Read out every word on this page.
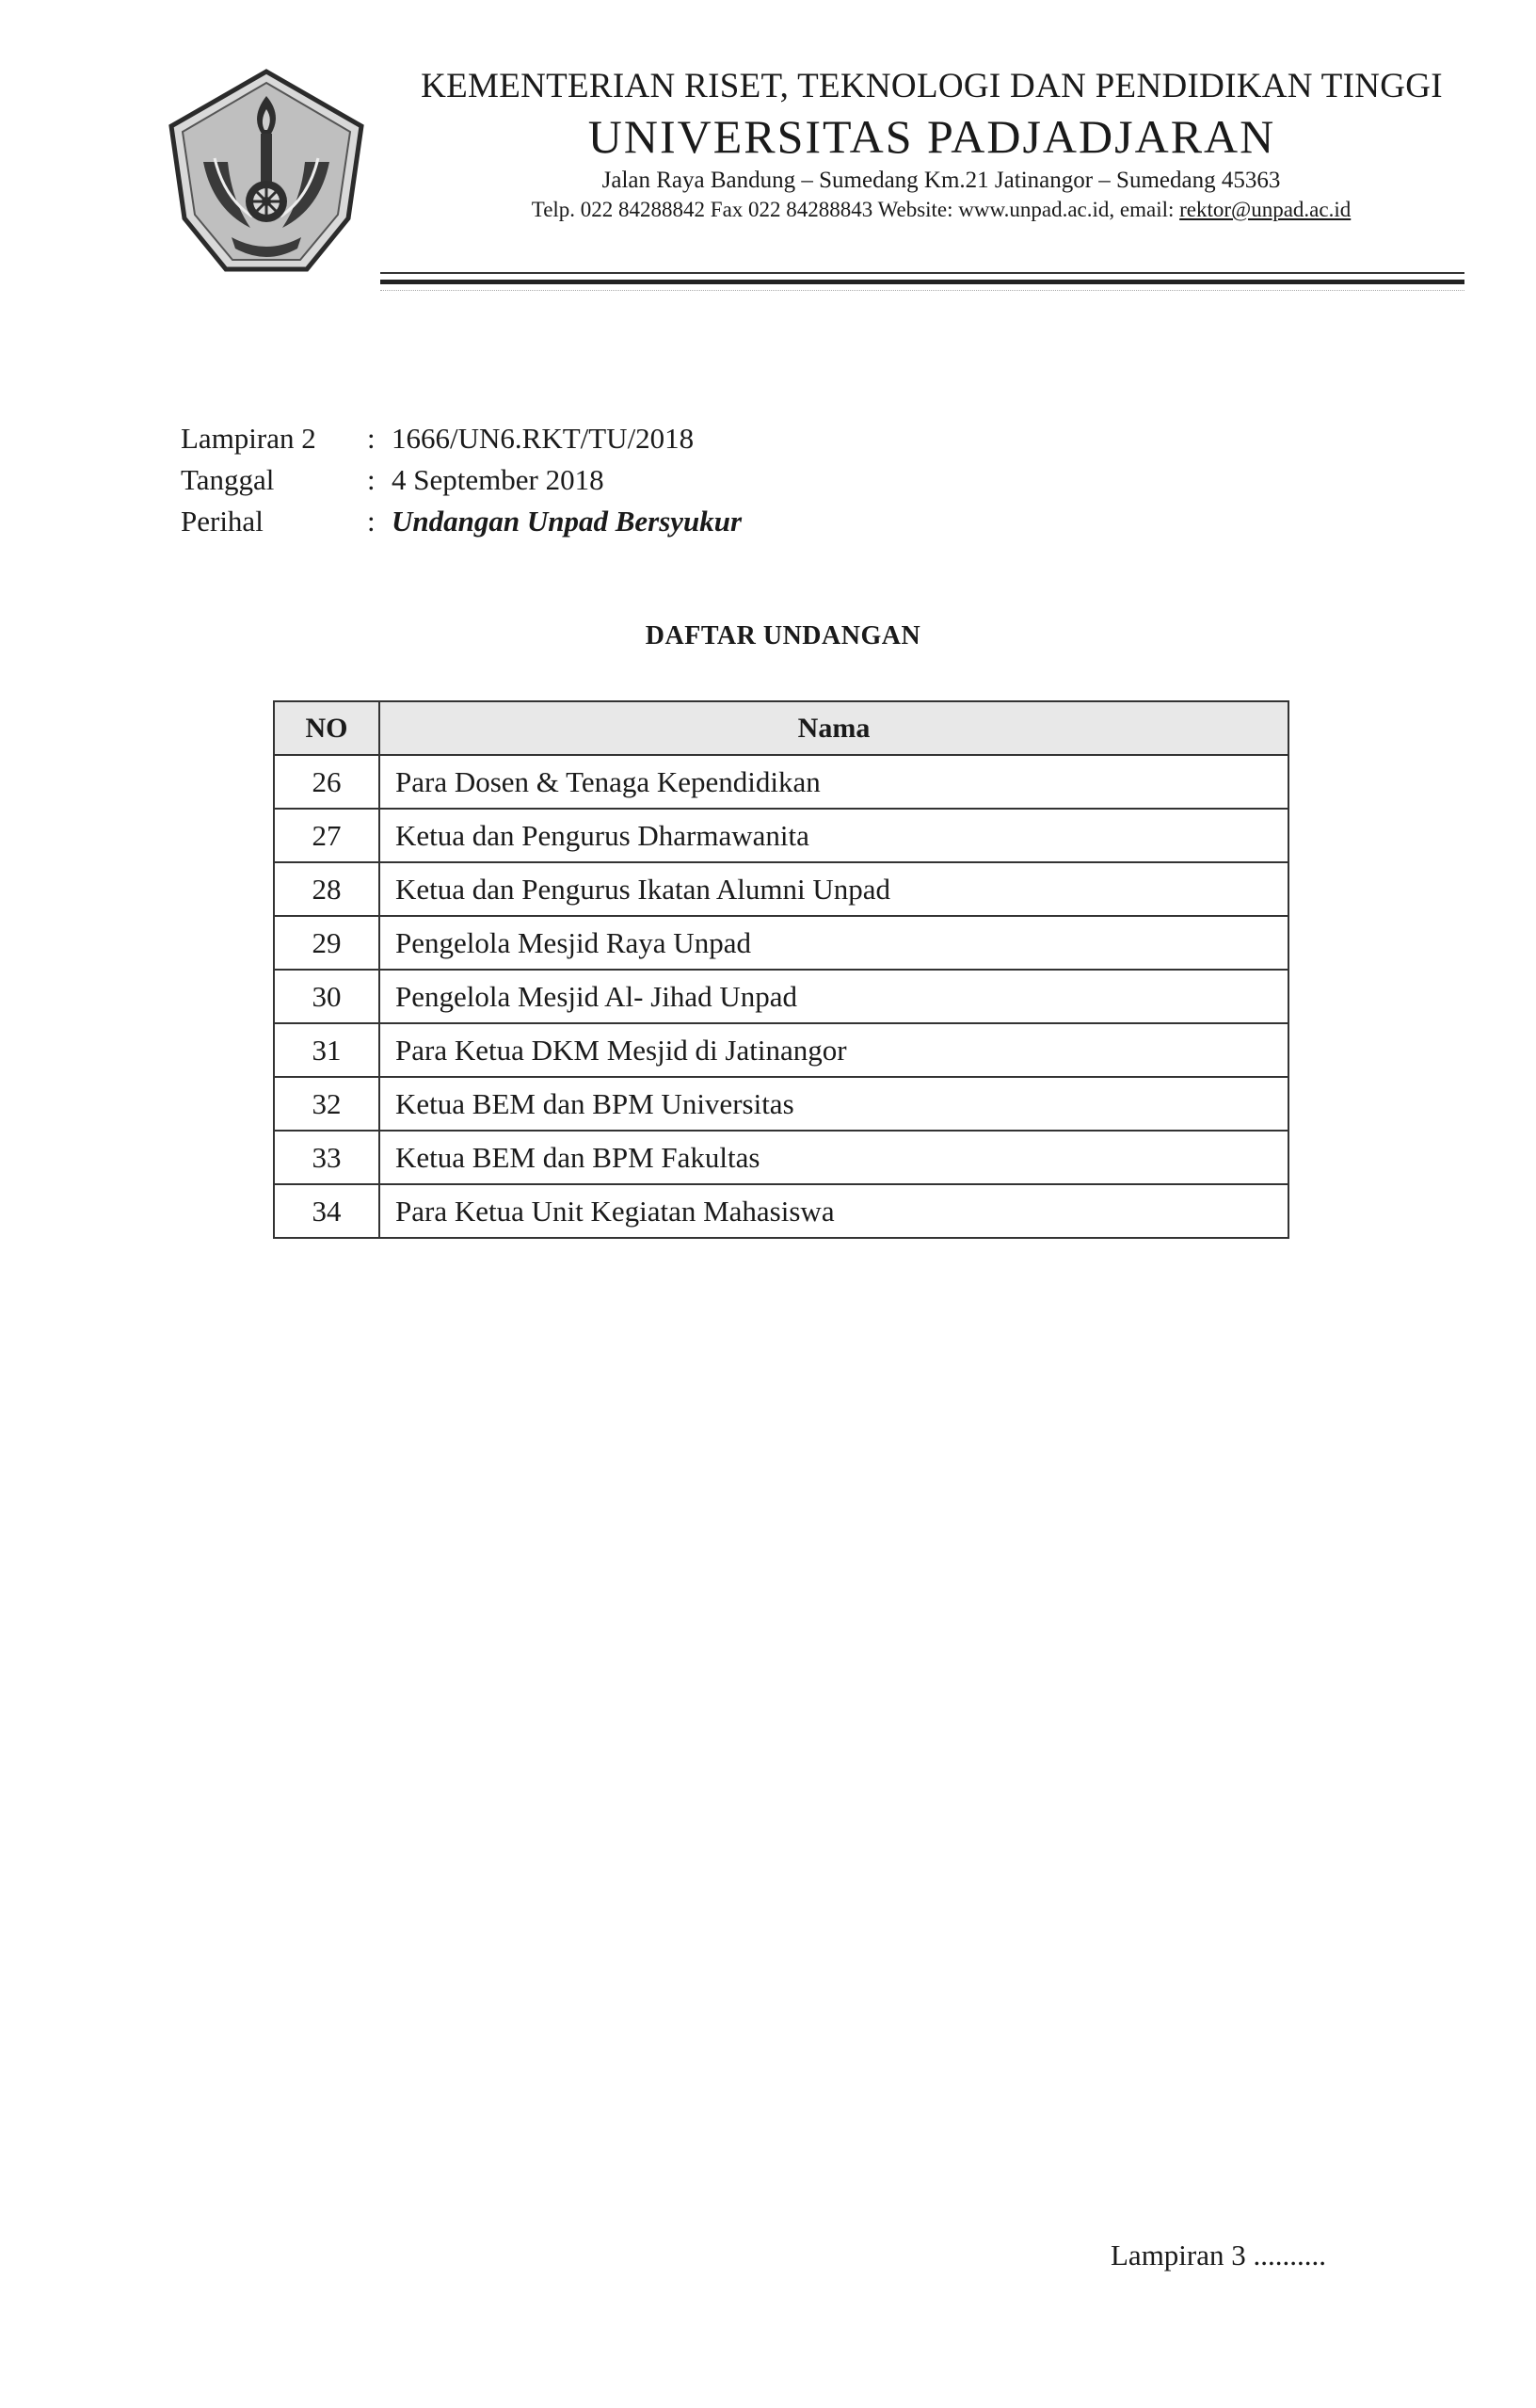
KEMENTERIAN RISET, TEKNOLOGI DAN PENDIDIKAN TINGGI
UNIVERSITAS PADJADJARAN
Jalan Raya Bandung – Sumedang Km.21 Jatinangor – Sumedang 45363
Telp. 022 84288842 Fax 022 84288843 Website: www.unpad.ac.id, email: rektor@unpad.ac.id
Lampiran 2	: 1666/UN6.RKT/TU/2018
Tanggal	: 4 September 2018
Perihal	: Undangan Unpad Bersyukur
DAFTAR UNDANGAN
NO	Nama
26	Para Dosen & Tenaga Kependidikan
27	Ketua dan Pengurus Dharmawanita
28	Ketua dan Pengurus Ikatan Alumni Unpad
29	Pengelola Mesjid Raya Unpad
30	Pengelola Mesjid Al- Jihad Unpad
31	Para Ketua DKM Mesjid di Jatinangor
32	Ketua BEM dan BPM Universitas
33	Ketua BEM dan BPM Fakultas
34	Para Ketua Unit Kegiatan Mahasiswa
Lampiran 3 ..........
